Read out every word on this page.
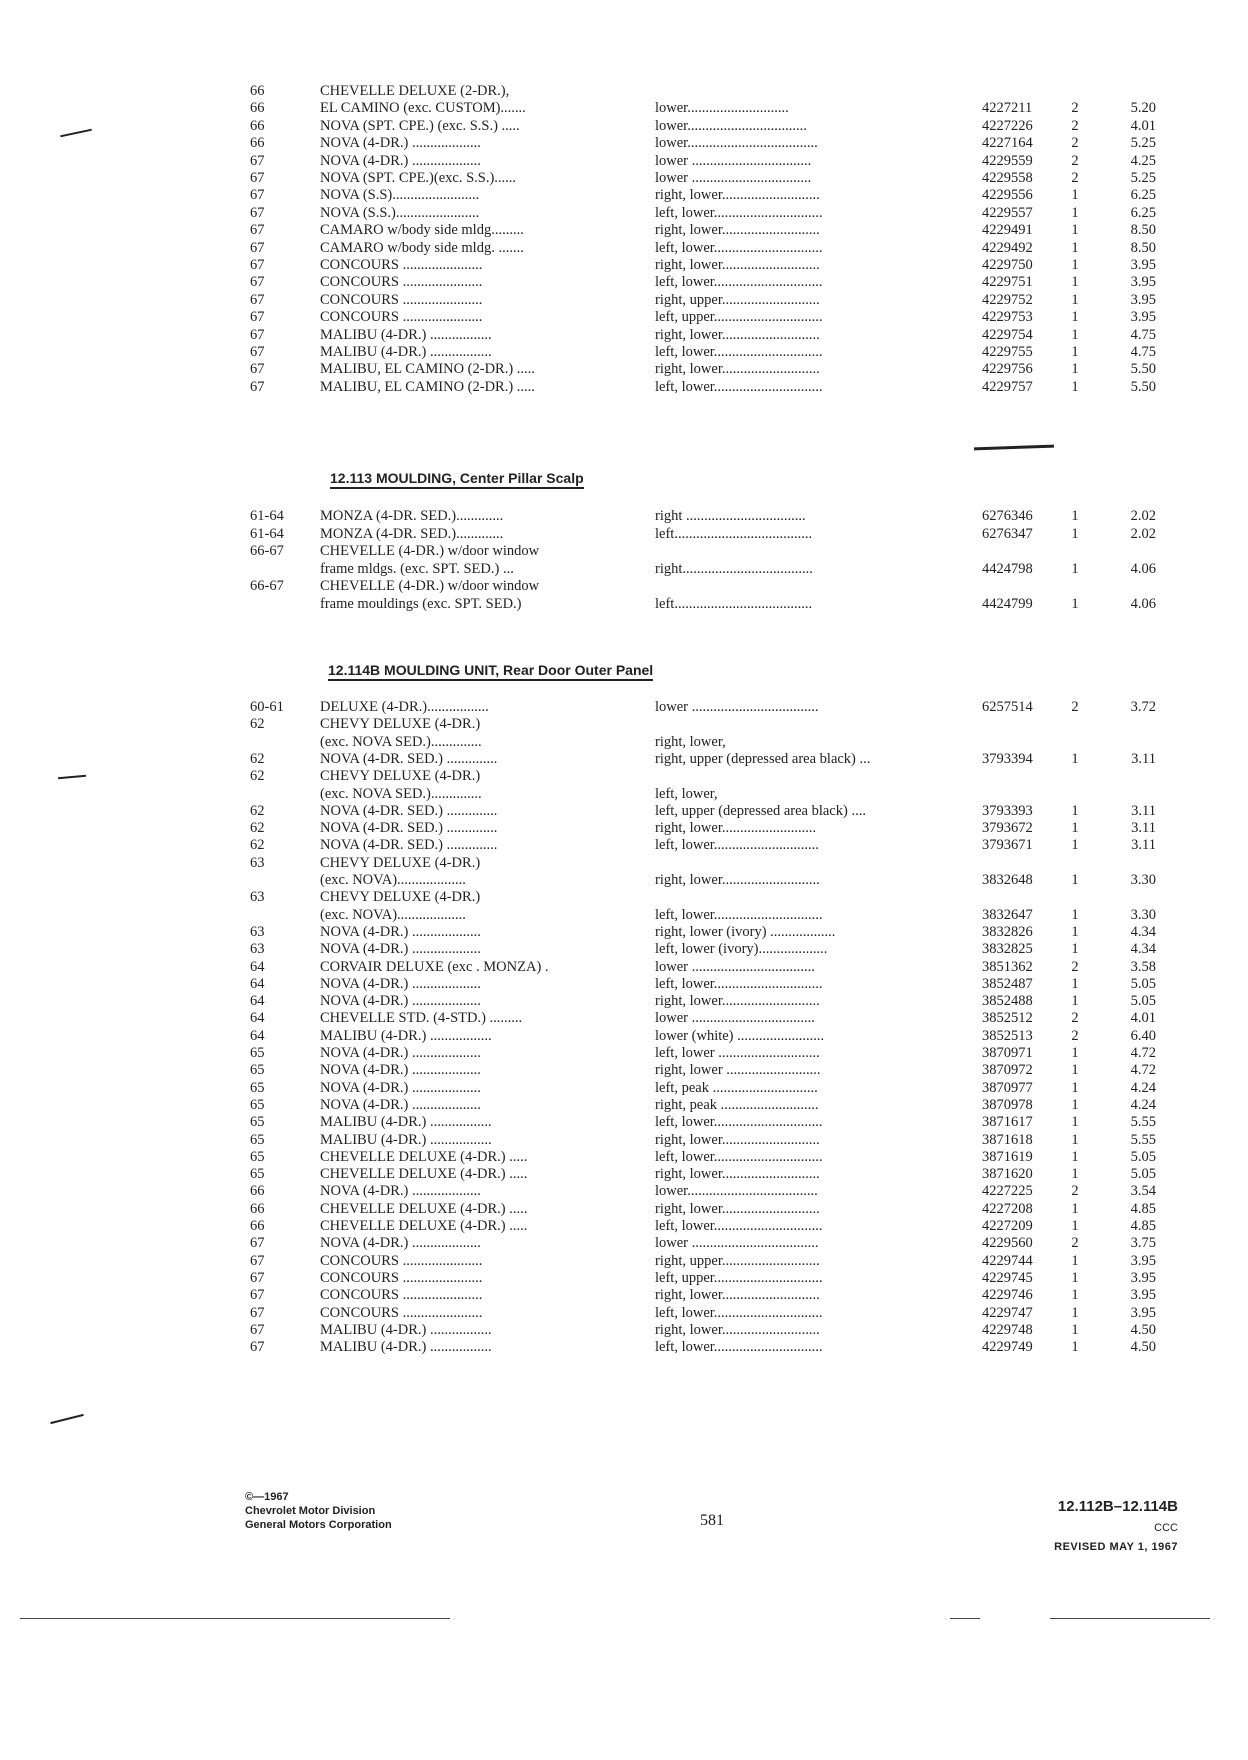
66	CHEVELLE DELUXE (2-DR.),
66	EL CAMINO (exc. CUSTOM).......	lower............................	4227211	2	5.20
66	NOVA (SPT. CPE.) (exc. S.S.) .....	lower.................................	4227226	2	4.01
66	NOVA (4-DR.) ...................	lower....................................	4227164	2	5.25
67	NOVA (4-DR.) ...................	lower .................................	4229559	2	4.25
67	NOVA (SPT. CPE.)(exc. S.S.)......	lower .................................	4229558	2	5.25
67	NOVA (S.S)........................	right, lower...........................	4229556	1	6.25
67	NOVA (S.S.).......................	left, lower..............................	4229557	1	6.25
67	CAMARO w/body side mldg.........	right, lower...........................	4229491	1	8.50
67	CAMARO w/body side mldg. .......	left, lower..............................	4229492	1	8.50
67	CONCOURS ......................	right, lower...........................	4229750	1	3.95
67	CONCOURS ......................	left, lower..............................	4229751	1	3.95
67	CONCOURS ......................	right, upper...........................	4229752	1	3.95
67	CONCOURS ......................	left, upper..............................	4229753	1	3.95
67	MALIBU (4-DR.) .................	right, lower...........................	4229754	1	4.75
67	MALIBU (4-DR.) .................	left, lower..............................	4229755	1	4.75
67	MALIBU, EL CAMINO (2-DR.) .....	right, lower...........................	4229756	1	5.50
67	MALIBU, EL CAMINO (2-DR.) .....	left, lower..............................	4229757	1	5.50
12.113 MOULDING, Center Pillar Scalp
61-64	MONZA (4-DR. SED.).............	right .................................	6276346	1	2.02
61-64	MONZA (4-DR. SED.).............	left......................................	6276347	1	2.02
66-67	CHEVELLE (4-DR.) w/door window
frame mldgs. (exc. SPT. SED.) ...	right....................................	4424798	1	4.06
66-67	CHEVELLE (4-DR.) w/door window
frame mouldings (exc. SPT. SED.)	left......................................	4424799	1	4.06
12.114B MOULDING UNIT, Rear Door Outer Panel
60-61	DELUXE (4-DR.).................	lower ...................................	6257514	2	3.72
62	CHEVY DELUXE (4-DR.)
(exc. NOVA SED.)..............	right, lower,
62	NOVA (4-DR. SED.) ..............	right, upper (depressed area black) ...	3793394	1	3.11
62	CHEVY DELUXE (4-DR.)
(exc. NOVA SED.)..............	left, lower,
62	NOVA (4-DR. SED.) ..............	left, upper (depressed area black) ....	3793393	1	3.11
62	NOVA (4-DR. SED.) ..............	right, lower..........................	3793672	1	3.11
62	NOVA (4-DR. SED.) ..............	left, lower.............................	3793671	1	3.11
63	CHEVY DELUXE (4-DR.)
(exc. NOVA)...................	right, lower...........................	3832648	1	3.30
63	CHEVY DELUXE (4-DR.)
(exc. NOVA)...................	left, lower..............................	3832647	1	3.30
63	NOVA (4-DR.) ...................	right, lower (ivory) ..................	3832826	1	4.34
63	NOVA (4-DR.) ...................	left, lower (ivory)...................	3832825	1	4.34
64	CORVAIR DELUXE (exc . MONZA) .	lower ..................................	3851362	2	3.58
64	NOVA (4-DR.) ...................	left, lower..............................	3852487	1	5.05
64	NOVA (4-DR.) ...................	right, lower...........................	3852488	1	5.05
64	CHEVELLE STD. (4-STD.) .........	lower ..................................	3852512	2	4.01
64	MALIBU (4-DR.) .................	lower (white) ........................	3852513	2	6.40
65	NOVA (4-DR.) ...................	left, lower ............................	3870971	1	4.72
65	NOVA (4-DR.) ...................	right, lower ..........................	3870972	1	4.72
65	NOVA (4-DR.) ...................	left, peak .............................	3870977	1	4.24
65	NOVA (4-DR.) ...................	right, peak ...........................	3870978	1	4.24
65	MALIBU (4-DR.) .................	left, lower..............................	3871617	1	5.55
65	MALIBU (4-DR.) .................	right, lower...........................	3871618	1	5.55
65	CHEVELLE DELUXE (4-DR.) .....	left, lower..............................	3871619	1	5.05
65	CHEVELLE DELUXE (4-DR.) .....	right, lower...........................	3871620	1	5.05
66	NOVA (4-DR.) ...................	lower....................................	4227225	2	3.54
66	CHEVELLE DELUXE (4-DR.) .....	right, lower...........................	4227208	1	4.85
66	CHEVELLE DELUXE (4-DR.) .....	left, lower..............................	4227209	1	4.85
67	NOVA (4-DR.) ...................	lower ...................................	4229560	2	3.75
67	CONCOURS ......................	right, upper...........................	4229744	1	3.95
67	CONCOURS ......................	left, upper..............................	4229745	1	3.95
67	CONCOURS ......................	right, lower...........................	4229746	1	3.95
67	CONCOURS ......................	left, lower..............................	4229747	1	3.95
67	MALIBU (4-DR.) .................	right, lower...........................	4229748	1	4.50
67	MALIBU (4-DR.) .................	left, lower..............................	4229749	1	4.50
©—1967
Chevrolet Motor Division
General Motors Corporation	581
12.112B–12.114B
CCC
REVISED MAY 1, 1967
